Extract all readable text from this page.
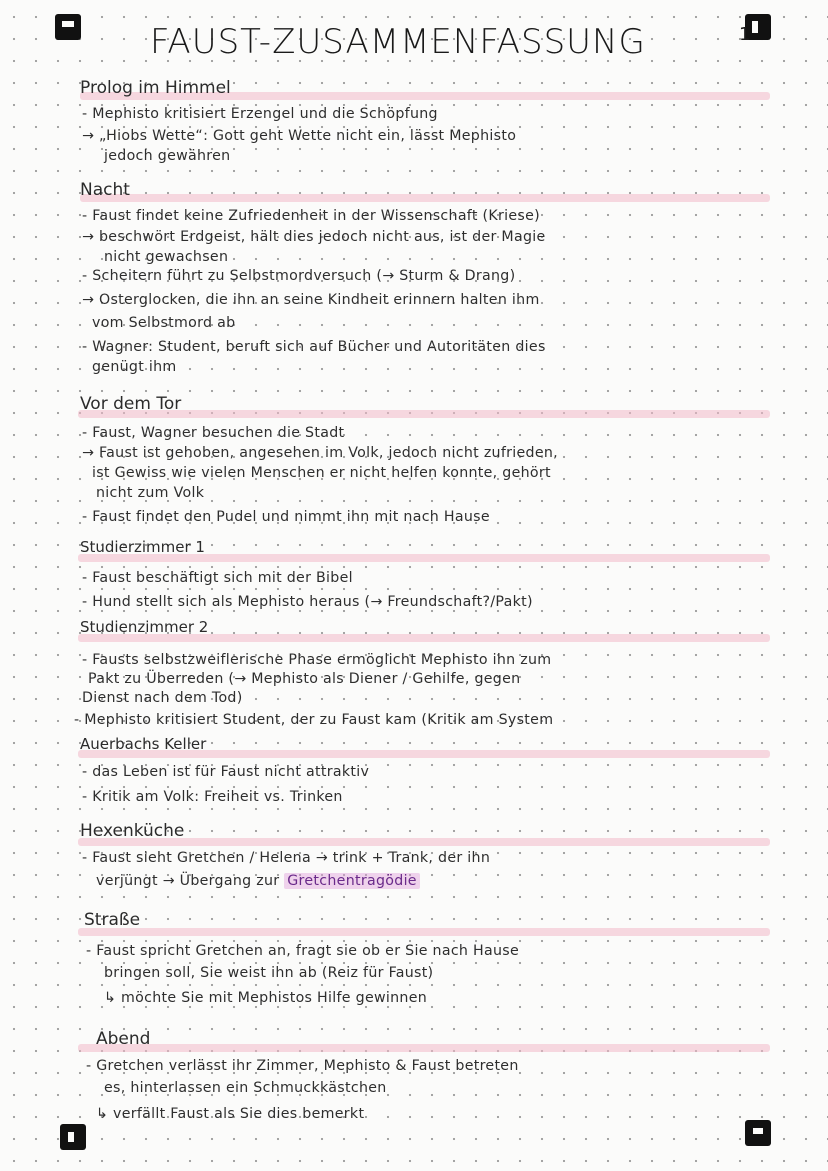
FAUST-ZUSAMMENFASSUNG	1
Prolog im Himmel
- Mephisto kritisiert Erzengel und die Schöpfung
→ „Hiobs Wette“: Gott geht Wette nicht ein, lässt Mephisto
jedoch gewähren
Nacht
- Faust findet keine Zufriedenheit in der Wissenschaft (Kriese)
→ beschwört Erdgeist, hält dies jedoch nicht aus, ist der Magie
nicht gewachsen
- Scheitern führt zu Selbstmordversuch (→ Sturm & Drang)
→ Osterglocken, die ihn an seine Kindheit erinnern halten ihm
vom Selbstmord ab
- Wagner: Student, beruft sich auf Bücher und Autoritäten dies
genügt ihm
Vor dem Tor
- Faust, Wagner besuchen die Stadt
→ Faust ist gehoben, angesehen im Volk, jedoch nicht zufrieden,
ist Gewiss wie vielen Menschen er nicht helfen konnte, gehört
nicht zum Volk
- Faust findet den Pudel und nimmt ihn mit nach Hause
Studierzimmer 1
- Faust beschäftigt sich mit der Bibel
- Hund stellt sich als Mephisto heraus (→ Freundschaft?/Pakt)
Studienzimmer 2
- Fausts selbstzweiflerische Phase ermöglicht Mephisto ihn zum
Pakt zu Überreden (→ Mephisto als Diener / Gehilfe, gegen
Dienst nach dem Tod)
- Mephisto kritisiert Student, der zu Faust kam (Kritik am System
Auerbachs Keller
- das Leben ist für Faust nicht attraktiv
- Kritik am Volk: Freiheit vs. Trinken
Hexenküche
- Faust sieht Gretchen / Helena → trink + Trank, der ihn
verjüngt → Übergang zur Gretchentragödie
Straße
- Faust spricht Gretchen an, fragt sie ob er Sie nach Hause
bringen soll, Sie weist ihn ab (Reiz für Faust)
↳ möchte Sie mit Mephistos Hilfe gewinnen
Abend
- Gretchen verlässt ihr Zimmer, Mephisto & Faust betreten
es, hinterlassen ein Schmuckkästchen
↳ verfällt Faust als Sie dies bemerkt
